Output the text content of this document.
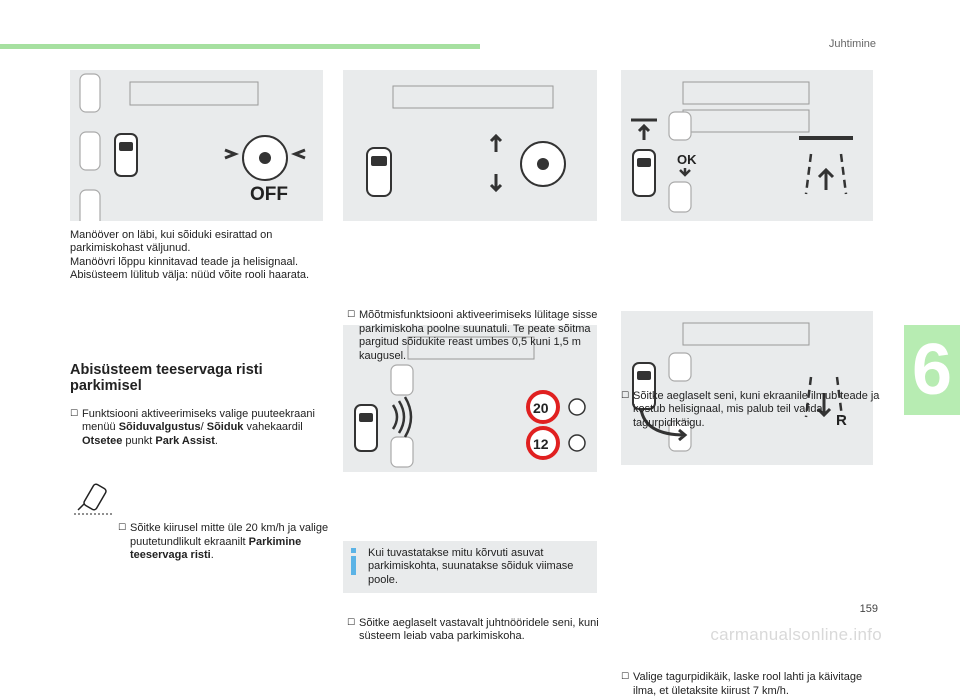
Juhtimine
6
OFF
OK
20
12
R

Manööver on läbi, kui sõiduki esirattad on parkimiskohast väljunud.

Manöövri lõppu kinnitavad teade ja helisignaal. Abisüsteem lülitub välja: nüüd võite rooli haarata.

Abisüsteem teeservaga risti parkimisel
☐ Funktsiooni aktiveerimiseks valige puuteekraani menüü Sõiduvalgustus/ Sõiduk vahekaardil Otsetee punkt Park Assist.
☐ Sõitke kiirusel mitte üle 20 km/h ja valige puutetundlikult ekraanilt Parkimine teeservaga risti.
☐ Mõõtmisfunktsiooni aktiveerimiseks lülitage sisse parkimiskoha poolne suunatuli. Te peate sõitma pargitud sõidukite reast umbes 0,5 kuni 1,5 m kaugusel.
☐ Sõitke aeglaselt vastavalt juhtnööridele seni, kuni süsteem leiab vaba parkimiskoha.
Kui tuvastatakse mitu kõrvuti asuvat parkimiskohta, suunatakse sõiduk viimase poole.
☐ Sõitke aeglaselt seni, kuni ekraanile ilmub teade ja kostub helisignaal, mis palub teil valida tagurpidikäigu.
☐ Valige tagurpidikäik, laske rool lahti ja käivitage ilma, et ületaksite kiirust 7 km/h.
159
carmanualsonline.info
